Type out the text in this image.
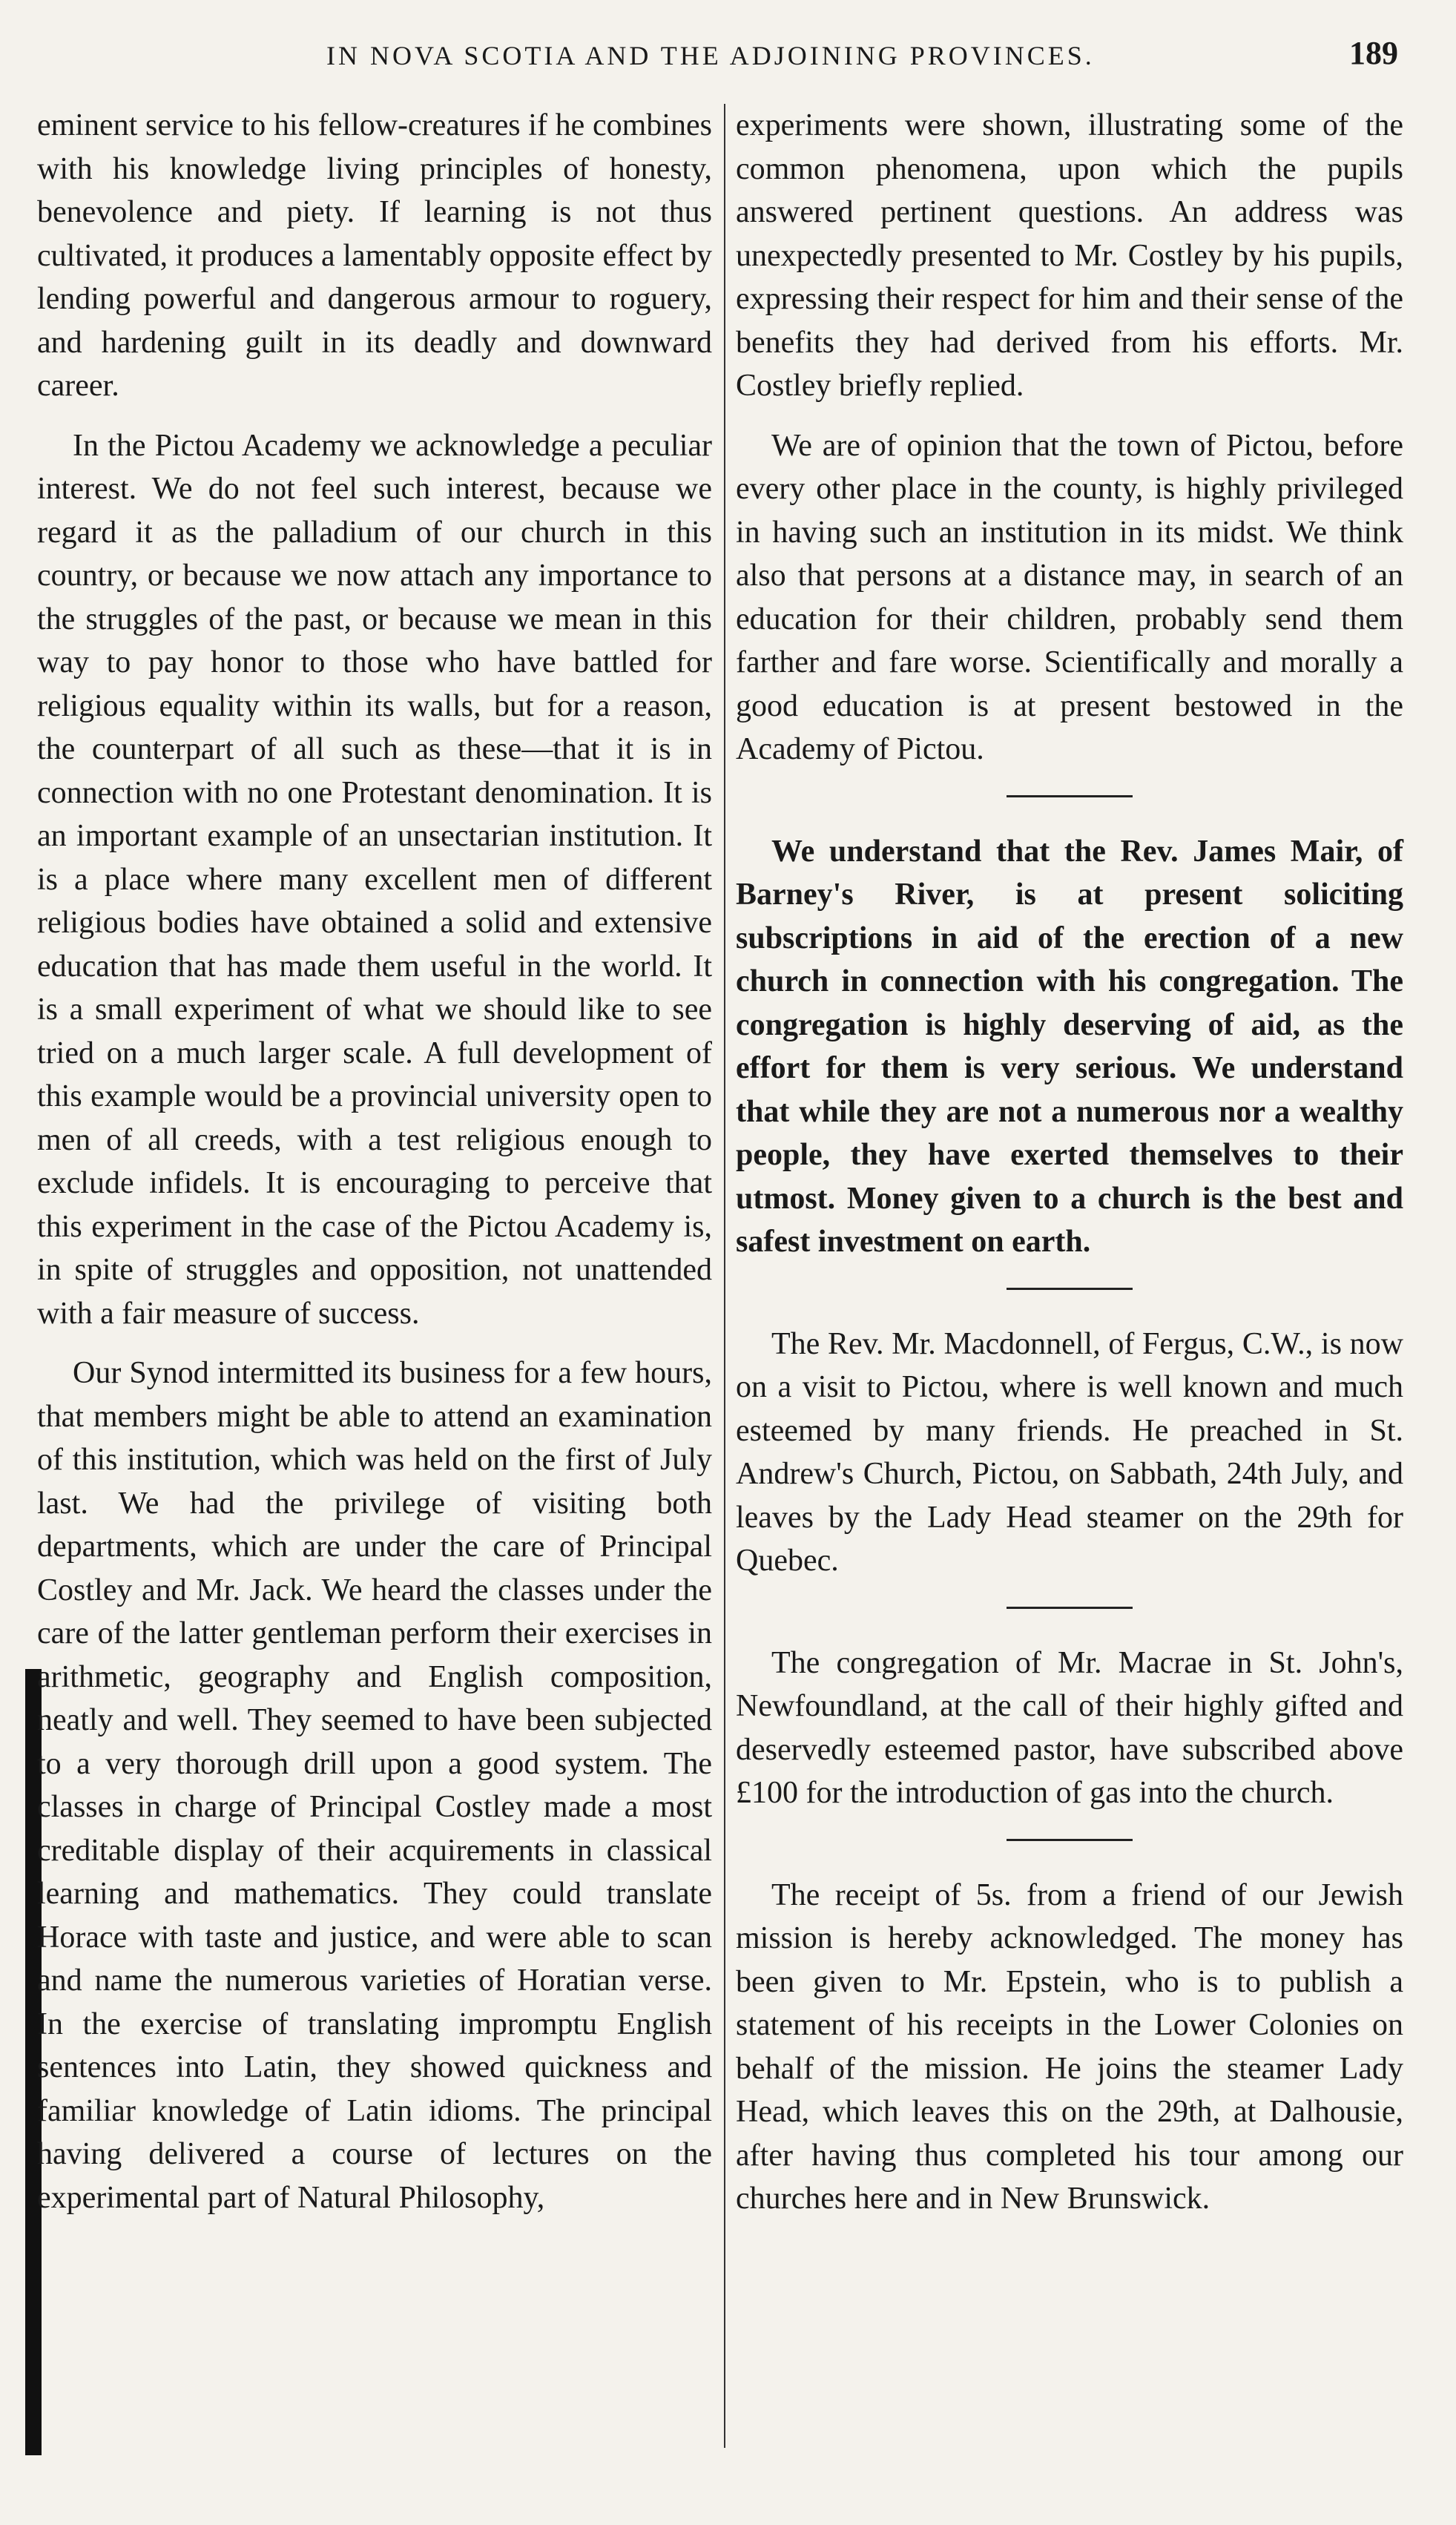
IN NOVA SCOTIA AND THE ADJOINING PROVINCES.	189

eminent service to his fellow-creatures if he combines with his knowledge living principles of honesty, benevolence and piety. If learning is not thus cultivated, it produces a lamentably opposite effect by lending powerful and dangerous armour to roguery, and hardening guilt in its deadly and downward career.

In the Pictou Academy we acknowledge a peculiar interest. We do not feel such interest, because we regard it as the palladium of our church in this country, or because we now attach any importance to the struggles of the past, or because we mean in this way to pay honor to those who have battled for religious equality within its walls, but for a reason, the counterpart of all such as these—that it is in connection with no one Protestant denomination. It is an important example of an unsectarian institution. It is a place where many excellent men of different religious bodies have obtained a solid and extensive education that has made them useful in the world. It is a small experiment of what we should like to see tried on a much larger scale. A full development of this example would be a provincial university open to men of all creeds, with a test religious enough to exclude infidels. It is encouraging to perceive that this experiment in the case of the Pictou Academy is, in spite of struggles and opposition, not unattended with a fair measure of success.

Our Synod intermitted its business for a few hours, that members might be able to attend an examination of this institution, which was held on the first of July last. We had the privilege of visiting both departments, which are under the care of Principal Costley and Mr. Jack. We heard the classes under the care of the latter gentleman perform their exercises in arithmetic, geography and English composition, neatly and well. They seemed to have been subjected to a very thorough drill upon a good system. The classes in charge of Principal Costley made a most creditable display of their acquirements in classical learning and mathematics. They could translate Horace with taste and justice, and were able to scan and name the numerous varieties of Horatian verse. In the exercise of translating impromptu English sentences into Latin, they showed quickness and familiar knowledge of Latin idioms. The principal having delivered a course of lectures on the experimental part of Natural Philosophy,

experiments were shown, illustrating some of the common phenomena, upon which the pupils answered pertinent questions. An address was unexpectedly presented to Mr. Costley by his pupils, expressing their respect for him and their sense of the benefits they had derived from his efforts. Mr. Costley briefly replied.

We are of opinion that the town of Pictou, before every other place in the county, is highly privileged in having such an institution in its midst. We think also that persons at a distance may, in search of an education for their children, probably send them farther and fare worse. Scientifically and morally a good education is at present bestowed in the Academy of Pictou.

We understand that the Rev. James Mair, of Barney's River, is at present soliciting subscriptions in aid of the erection of a new church in connection with his congregation. The congregation is highly deserving of aid, as the effort for them is very serious. We understand that while they are not a numerous nor a wealthy people, they have exerted themselves to their utmost. Money given to a church is the best and safest investment on earth.

The Rev. Mr. Macdonnell, of Fergus, C.W., is now on a visit to Pictou, where is well known and much esteemed by many friends. He preached in St. Andrew's Church, Pictou, on Sabbath, 24th July, and leaves by the Lady Head steamer on the 29th for Quebec.

The congregation of Mr. Macrae in St. John's, Newfoundland, at the call of their highly gifted and deservedly esteemed pastor, have subscribed above £100 for the introduction of gas into the church.

The receipt of 5s. from a friend of our Jewish mission is hereby acknowledged. The money has been given to Mr. Epstein, who is to publish a statement of his receipts in the Lower Colonies on behalf of the mission. He joins the steamer Lady Head, which leaves this on the 29th, at Dalhousie, after having thus completed his tour among our churches here and in New Brunswick.
